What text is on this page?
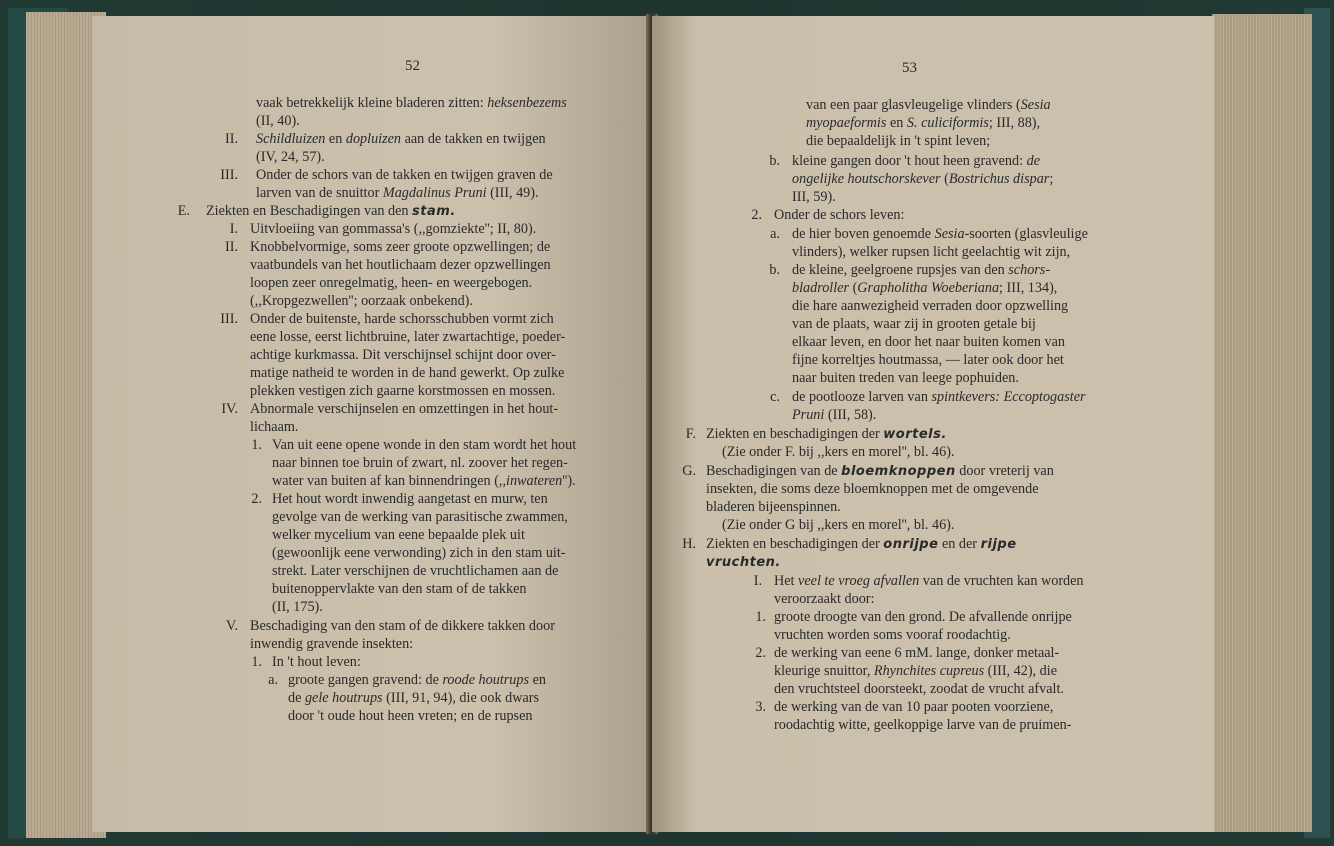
52
vaak betrekkelijk kleine bladeren zitten: heksenbezems
(II, 40).
II. Schildluizen en dopluizen aan de takken en twijgen
(IV, 24, 57).
III. Onder de schors van de takken en twijgen graven de
larven van de snuittor Magdalinus Pruni (III, 49).
E. Ziekten en Beschadigingen van den stam.
I. Uitvloeiing van gommassa's (,,gomziekte''; II, 80).
II. Knobbelvormige, soms zeer groote opzwellingen; de
vaatbundels van het houtlichaam dezer opzwellingen
loopen zeer onregelmatig, heen- en weergebogen.
(,,Kropgezwellen''; oorzaak onbekend).
III. Onder de buitenste, harde schorsschubben vormt zich
eene losse, eerst lichtbruine, later zwartachtige, poeder-
achtige kurkmassa. Dit verschijnsel schijnt door over-
matige natheid te worden in de hand gewerkt. Op zulke
plekken vestigen zich gaarne korstmossen en mossen.
IV. Abnormale verschijnselen en omzettingen in het hout-
lichaam.
1. Van uit eene opene wonde in den stam wordt het hout
naar binnen toe bruin of zwart, nl. zoover het regen-
water van buiten af kan binnendringen (,,inwateren'').
2. Het hout wordt inwendig aangetast en murw, ten
gevolge van de werking van parasitische zwammen,
welker mycelium van eene bepaalde plek uit
(gewoonlijk eene verwonding) zich in den stam uit-
strekt. Later verschijnen de vruchtlichamen aan de
buitenoppervlakte van den stam of de takken
(II, 175).
V. Beschadiging van den stam of de dikkere takken door
inwendig gravende insekten:
1. In 't hout leven:
a. groote gangen gravend: de roode houtrups en
de gele houtrups (III, 91, 94), die ook dwars
door 't oude hout heen vreten; en de rupsen
53
van een paar glasvleugelige vlinders (Sesia
myopaeformis en S. culiciformis; III, 88),
die bepaaldelijk in 't spint leven;
b. kleine gangen door 't hout heen gravend: de
ongelijke houtschorskever (Bostrichus dispar;
III, 59).
2. Onder de schors leven:
a. de hier boven genoemde Sesia-soorten (glasvleulige
vlinders), welker rupsen licht geelachtig wit zijn,
b. de kleine, geelgroene rupsjes van den schors-
bladroller (Grapholitha Woeberiana; III, 134),
die hare aanwezigheid verraden door opzwelling
van de plaats, waar zij in grooten getale bij
elkaar leven, en door het naar buiten komen van
fijne korreltjes houtmassa, — later ook door het
naar buiten treden van leege pophuiden.
c. de pootlooze larven van spintkevers: Eccoptogaster
Pruni (III, 58).
F. Ziekten en beschadigingen der wortels.
(Zie onder F. bij ,,kers en morel'', bl. 46).
G. Beschadigingen van de bloemknoppen door vreterij van
insekten, die soms deze bloemknoppen met de omgevende
bladeren bijeenspinnen.
(Zie onder G bij ,,kers en morel'', bl. 46).
H. Ziekten en beschadigingen der onrijpe en der rijpe
vruchten.
I. Het veel te vroeg afvallen van de vruchten kan worden
veroorzaakt door:
1. groote droogte van den grond. De afvallende onrijpe
vruchten worden soms vooraf roodachtig.
2. de werking van eene 6 mM. lange, donker metaal-
kleurige snuittor, Rhynchites cupreus (III, 42), die
den vruchtsteel doorsteekt, zoodat de vrucht afvalt.
3. de werking van de van 10 paar pooten voorziene,
roodachtig witte, geelkoppige larve van de pruimen-
